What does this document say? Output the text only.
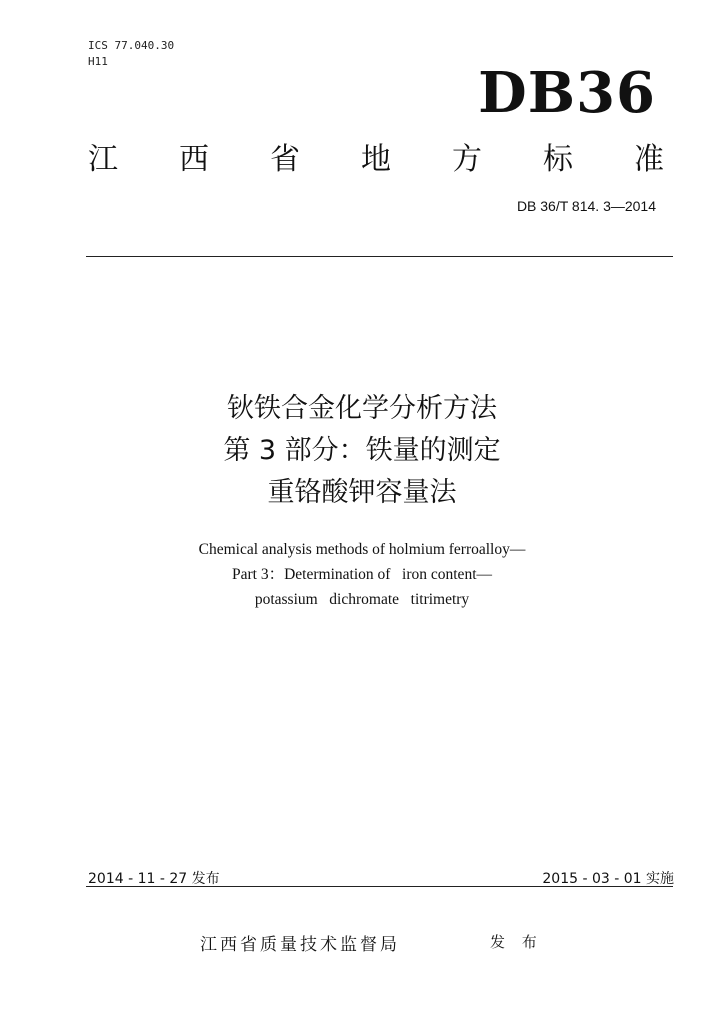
ICS 77.040.30
H11	DB36
江 西 省 地 方 标 准
DB 36/T 814. 3—2014
钬铁合金化学分析方法
第 3 部分：铁量的测定
重铬酸钾容量法
Chemical analysis methods of holmium ferroalloy—
Part 3：Determination of   iron content—
potassium   dichromate   titrimetry
2014 - 11 - 27 发布	2015 - 03 - 01 实施
江西省质量技术监督局	发 布
